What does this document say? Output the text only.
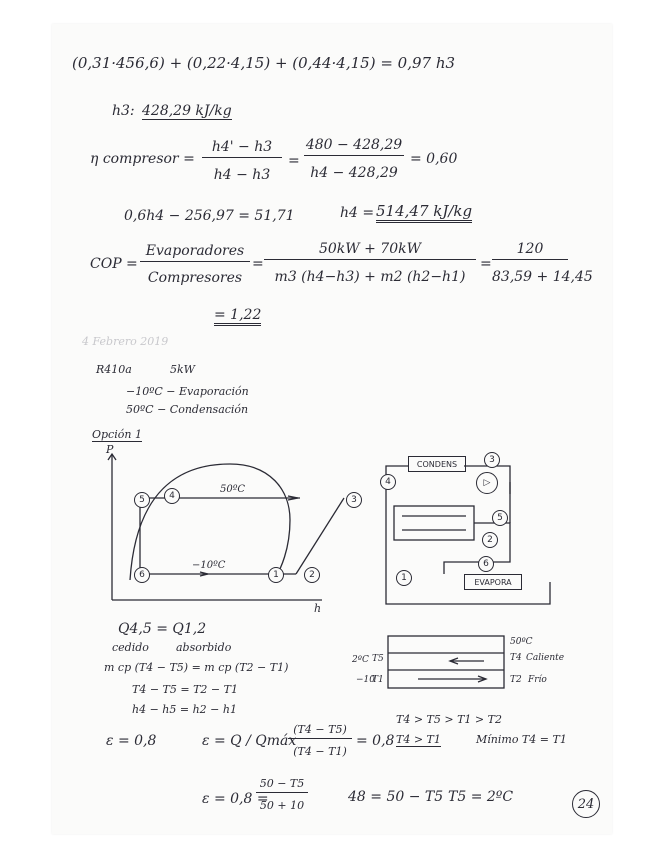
(0,31·456,6) + (0,22·4,15) + (0,44·4,15) = 0,97 h3
h3: 428,29 kJ/kg
η compresor =
h4' − h3
h4 − h3
=
480 − 428,29
h4 − 428,29
= 0,60
0,6h4 − 256,97 = 51,71	h4 = 514,47 kJ/kg
COP =
Evaporadores
Compresores
=
50kW + 70kW
m3 (h4−h3) + m2 (h2−h1)
=
120
83,59 + 14,45
= 1,22
4 Febrero 2019
R410a	5kW
−10ºC − Evaporación
50ºC − Condensación
Opción 1
P
h
50ºC
−10ºC
5	4	3
6	1	2
CONDENS
EVAPORA
▷
4
3
5
2
6
1
Q4,5 = Q1,2
cedido absorbido
m cp (T4 − T5) = m cp (T2 − T1)
T4 − T5 = T2 − T1
h4 − h5 = h2 − h1
ε = 0,8	ε = Q / Qmáx
(T4 − T5)
(T4 − T1)
= 0,8
2ºC T5
−10
T1
50ºC
T4 Caliente
T2 Frío
T4 > T5 > T1 > T2
T4 > T1	Mínimo T4 = T1
ε = 0,8 =
50 − T5
50 + 10
48 = 50 − T5 T5 = 2ºC	24
